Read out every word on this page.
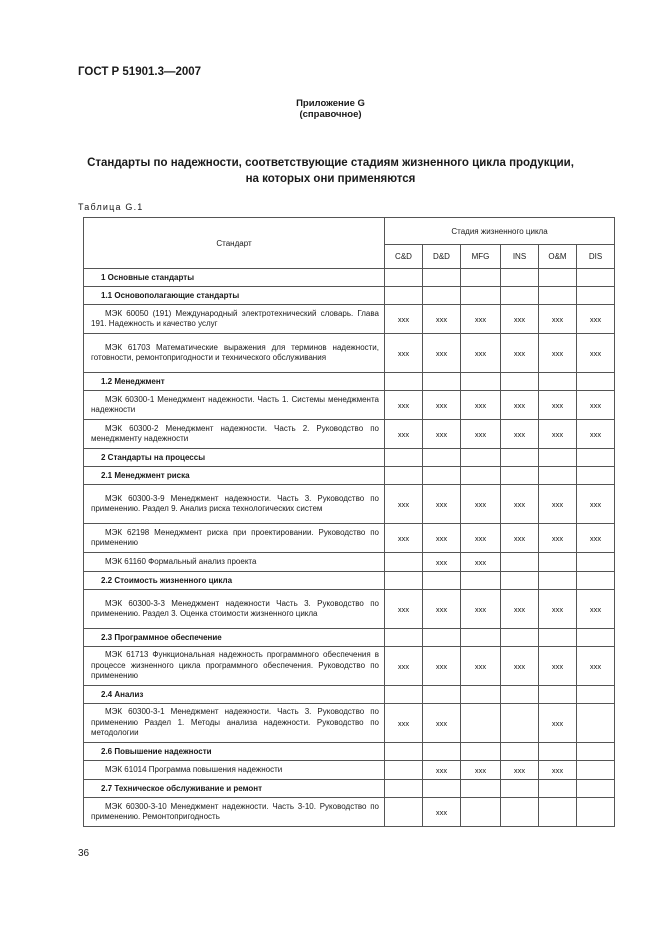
ГОСТ Р 51901.3—2007
Приложение G
(справочное)
Стандарты по надежности, соответствующие стадиям жизненного цикла продукции,
на которых они применяются
Таблица G.1
Стандарт	Стадия жизненного цикла					
	C&D	D&D	MFG	INS	O&M	DIS
1 Основные стандарты						
1.1 Основополагающие стандарты						
МЭК 60050 (191) Международный электротехнический словарь. Глава 191. Надежность и качество услуг	xxx	xxx	xxx	xxx	xxx	xxx
МЭК 61703 Математические выражения для терминов надежности, готовности, ремонтопригодности и технического обслуживания	xxx	xxx	xxx	xxx	xxx	xxx
1.2 Менеджмент						
МЭК 60300-1 Менеджмент надежности. Часть 1. Системы менеджмента надежности	xxx	xxx	xxx	xxx	xxx	xxx
МЭК 60300-2 Менеджмент надежности. Часть 2. Руководство по менеджменту надежности	xxx	xxx	xxx	xxx	xxx	xxx
2 Стандарты на процессы						
2.1 Менеджмент риска						
МЭК 60300-3-9 Менеджмент надежности. Часть 3. Руководство по применению. Раздел 9. Анализ риска технологических систем	xxx	xxx	xxx	xxx	xxx	xxx
МЭК 62198 Менеджмент риска при проектировании. Руководство по применению	xxx	xxx	xxx	xxx	xxx	xxx
МЭК 61160 Формальный анализ проекта		xxx	xxx			
2.2 Стоимость жизненного цикла						
МЭК 60300-3-3 Менеджмент надежности Часть 3. Руководство по применению. Раздел 3. Оценка стоимости жизненного цикла	xxx	xxx	xxx	xxx	xxx	xxx
2.3 Программное обеспечение						
МЭК 61713 Функциональная надежность программного обеспечения в процессе жизненного цикла программного обеспечения. Руководство по применению	xxx	xxx	xxx	xxx	xxx	xxx
2.4 Анализ						
МЭК 60300-3-1 Менеджмент надежности. Часть 3. Руководство по применению Раздел 1. Методы анализа надежности. Руководство по методологии	xxx	xxx			xxx	
2.6 Повышение надежности						
МЭК 61014 Программа повышения надежности		xxx	xxx	xxx	xxx	
2.7 Техническое обслуживание и ремонт						
МЭК 60300-3-10 Менеджмент надежности. Часть 3-10. Руководство по применению. Ремонтопригодность		xxx				
36
